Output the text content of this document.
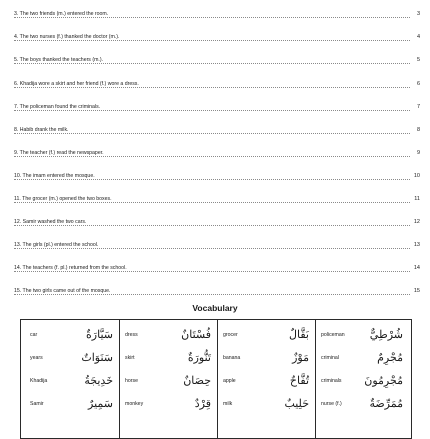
3. The two friends (m.) entered the room.	3
4. The two nurses (f.) thanked the doctor (m.).	4
5. The boys thanked the teachers (m.).	5
6. Khadija wore a skirt and her friend (f.) wore a dress.	6
7. The policeman found the criminals.	7
8. Habib drank the milk.	8
9. The teacher (f.) read the newspaper.	9
10. The imam entered the mosque.	10
11. The grocer (m.) opened the two boxes.	11
12. Samir washed the two cars.	12
13. The girls (pl.) entered the school.	13
14. The teachers (f. pl.) returned from the school.	14
15. The two girls came out of the mosque.	15
Vocabulary
car	سَيَّارَةٌ
years	سَنَوَاتٌ
Khadija	خَدِيجَةُ
Samir	سَمِيرٌ
dress	فُسْتَانٌ
skirt	تَنُّورَةٌ
horse	حِصَانٌ
monkey	قِرْدٌ
grocer	بَقَّالٌ
banana	مَوْزٌ
apple	تُفَّاحٌ
milk	حَلِيبٌ
policeman	شُرْطِيٌّ
criminal	مُجْرِمٌ
criminals مُجْرِمُونَ
nurse (f.)	مُمَرِّضَةٌ
